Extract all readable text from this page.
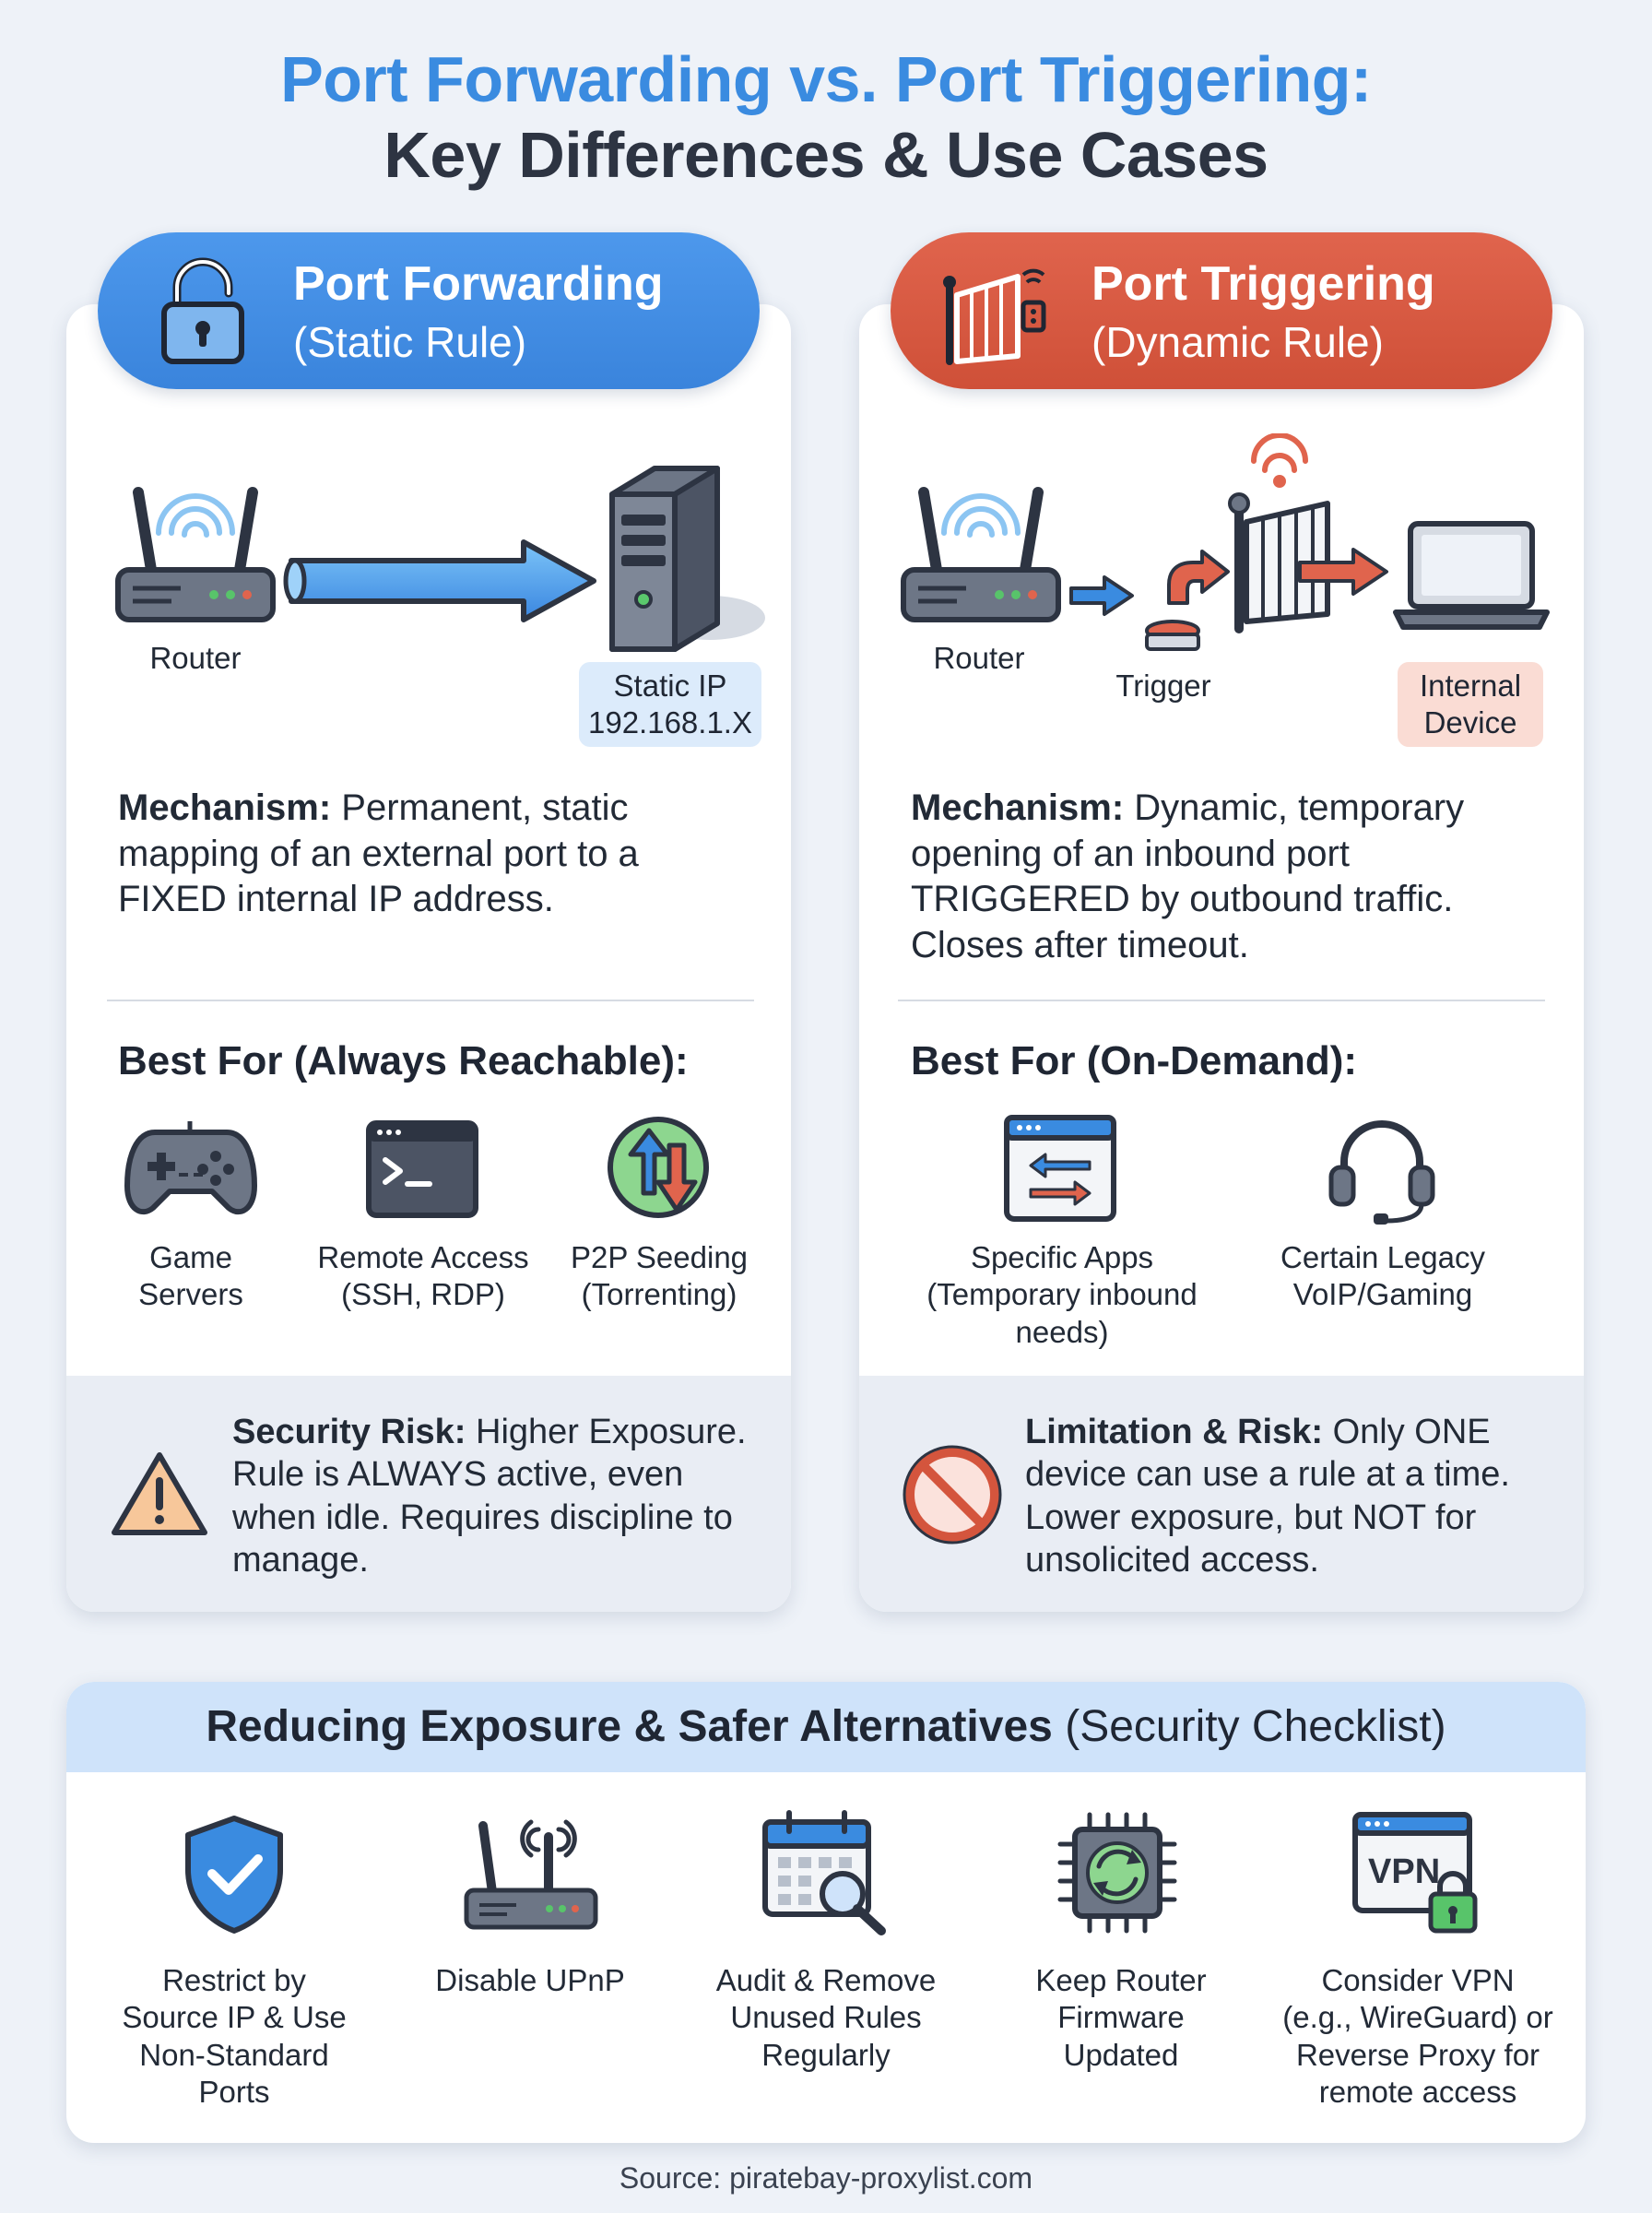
Port Forwarding vs. Port Triggering:
Key Differences & Use Cases
Port Forwarding
(Static Rule)
Router
Static IP
192.168.1.X
Mechanism: Permanent, static
mapping of an external port to a
FIXED internal IP address.
Best For (Always Reachable):
Game
Servers
Remote Access
(SSH, RDP)
P2P Seeding
(Torrenting)
Security Risk: Higher Exposure.
Rule is ALWAYS active, even
when idle. Requires discipline to
manage.
Port Triggering
(Dynamic Rule)
Router
Trigger	Internal
Device
Mechanism: Dynamic, temporary
opening of an inbound port
TRIGGERED by outbound traffic.
Closes after timeout.
Best For (On-Demand):
Specific Apps
(Temporary inbound
needs)
Certain Legacy
VoIP/Gaming
Limitation & Risk: Only ONE
device can use a rule at a time.
Lower exposure, but NOT for
unsolicited access.
Reducing Exposure & Safer Alternatives (Security Checklist)
VPN
Restrict by
Source IP & Use
Non-Standard
Ports
Disable UPnP	Audit & Remove
Unused Rules
Regularly
Keep Router
Firmware
Updated
Consider VPN
(e.g., WireGuard) or
Reverse Proxy for
remote access
Source: piratebay-proxylist.com
